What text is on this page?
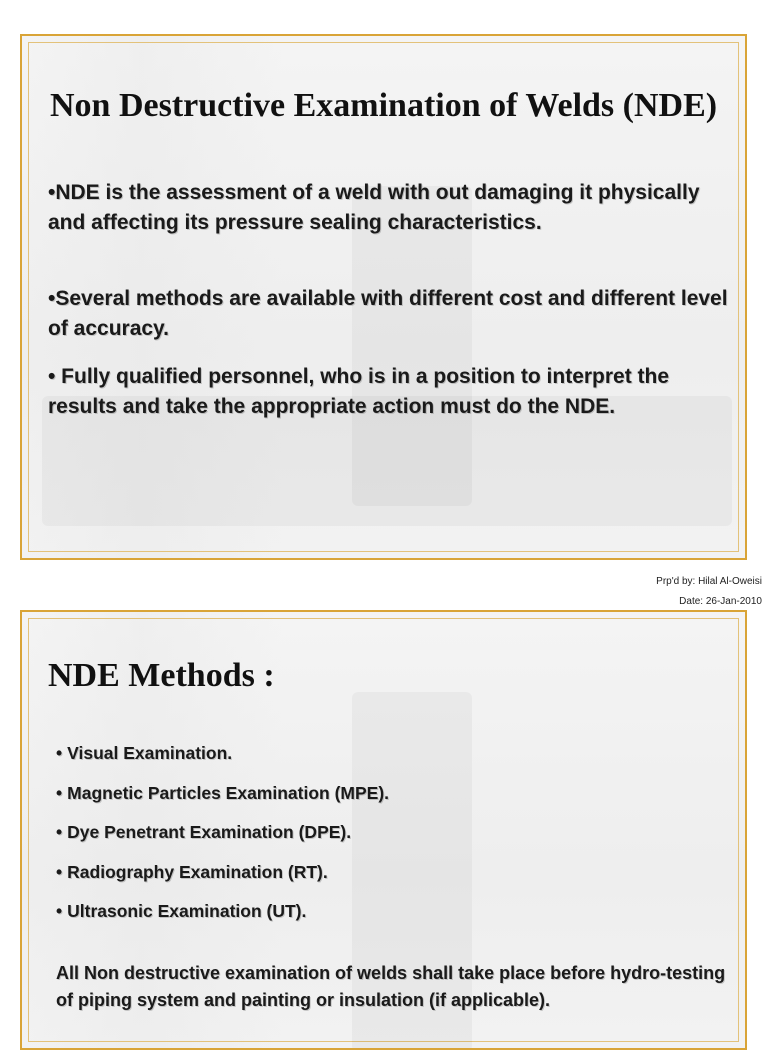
Non Destructive Examination of Welds (NDE)

•NDE is the assessment of a weld with out damaging it physically and affecting its pressure sealing characteristics.

•Several methods are available with different cost and different level of accuracy.

• Fully qualified personnel, who is in a position to interpret the results and take the appropriate action must do the NDE.

Prp'd by: Hilal Al-Oweisi
Date: 26-Jan-2010
NDE Methods :
• Visual Examination.
• Magnetic Particles Examination (MPE).
• Dye Penetrant Examination (DPE).
• Radiography Examination (RT).
• Ultrasonic Examination (UT).

All Non destructive examination of welds shall take place before hydro-testing of piping system and painting or insulation (if applicable).
